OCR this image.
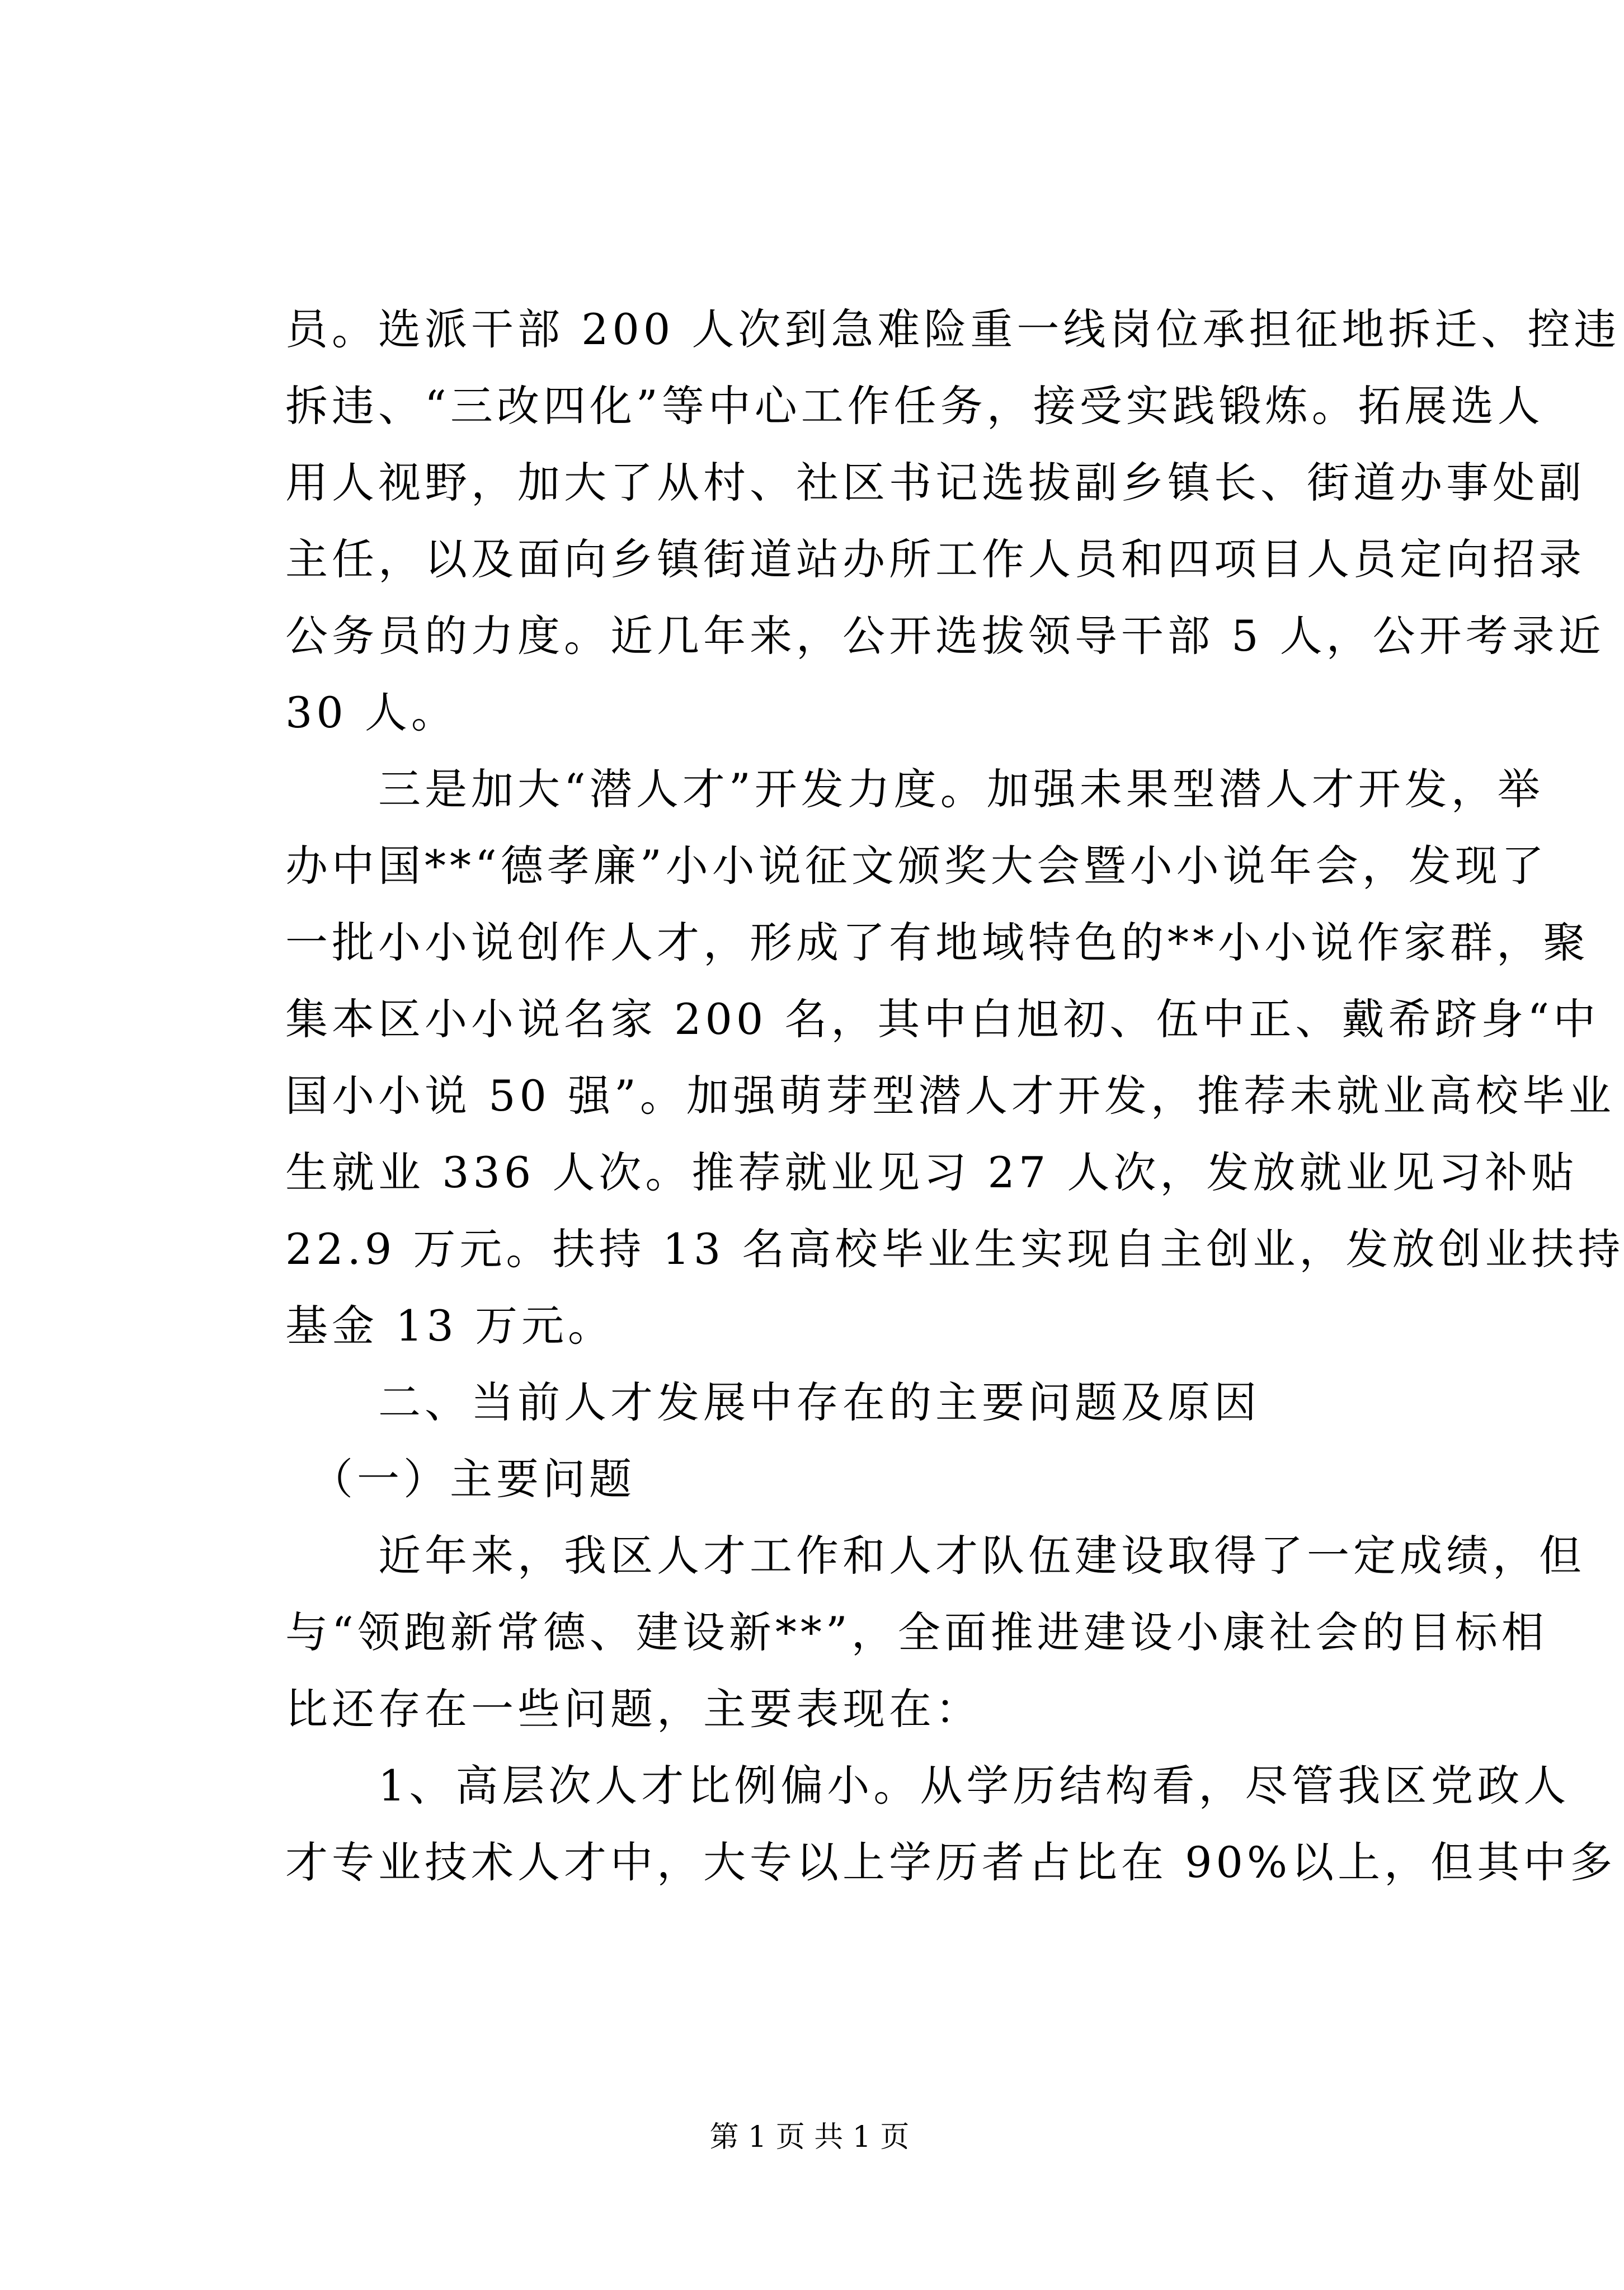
员。选派干部 200 人次到急难险重一线岗位承担征地拆迁、控违
拆违、“三改四化”等中心工作任务，接受实践锻炼。拓展选人
用人视野，加大了从村、社区书记选拔副乡镇长、街道办事处副
主任，以及面向乡镇街道站办所工作人员和四项目人员定向招录
公务员的力度。近几年来，公开选拔领导干部 5 人，公开考录近
30 人。
　　三是加大“潜人才”开发力度。加强未果型潜人才开发，举
办中国**“德孝廉”小小说征文颁奖大会暨小小说年会，发现了
一批小小说创作人才，形成了有地域特色的**小小说作家群，聚
集本区小小说名家 200 名，其中白旭初、伍中正、戴希跻身“中
国小小说 50 强”。加强萌芽型潜人才开发，推荐未就业高校毕业
生就业 336 人次。推荐就业见习 27 人次，发放就业见习补贴
22.9 万元。扶持 13 名高校毕业生实现自主创业，发放创业扶持
基金 13 万元。
　　二、当前人才发展中存在的主要问题及原因
　（一）主要问题
　　近年来，我区人才工作和人才队伍建设取得了一定成绩，但
与“领跑新常德、建设新**”，全面推进建设小康社会的目标相
比还存在一些问题，主要表现在：
　　1、高层次人才比例偏小。从学历结构看，尽管我区党政人
才专业技术人才中，大专以上学历者占比在 90%以上，但其中多
第 1 页 共 1 页
